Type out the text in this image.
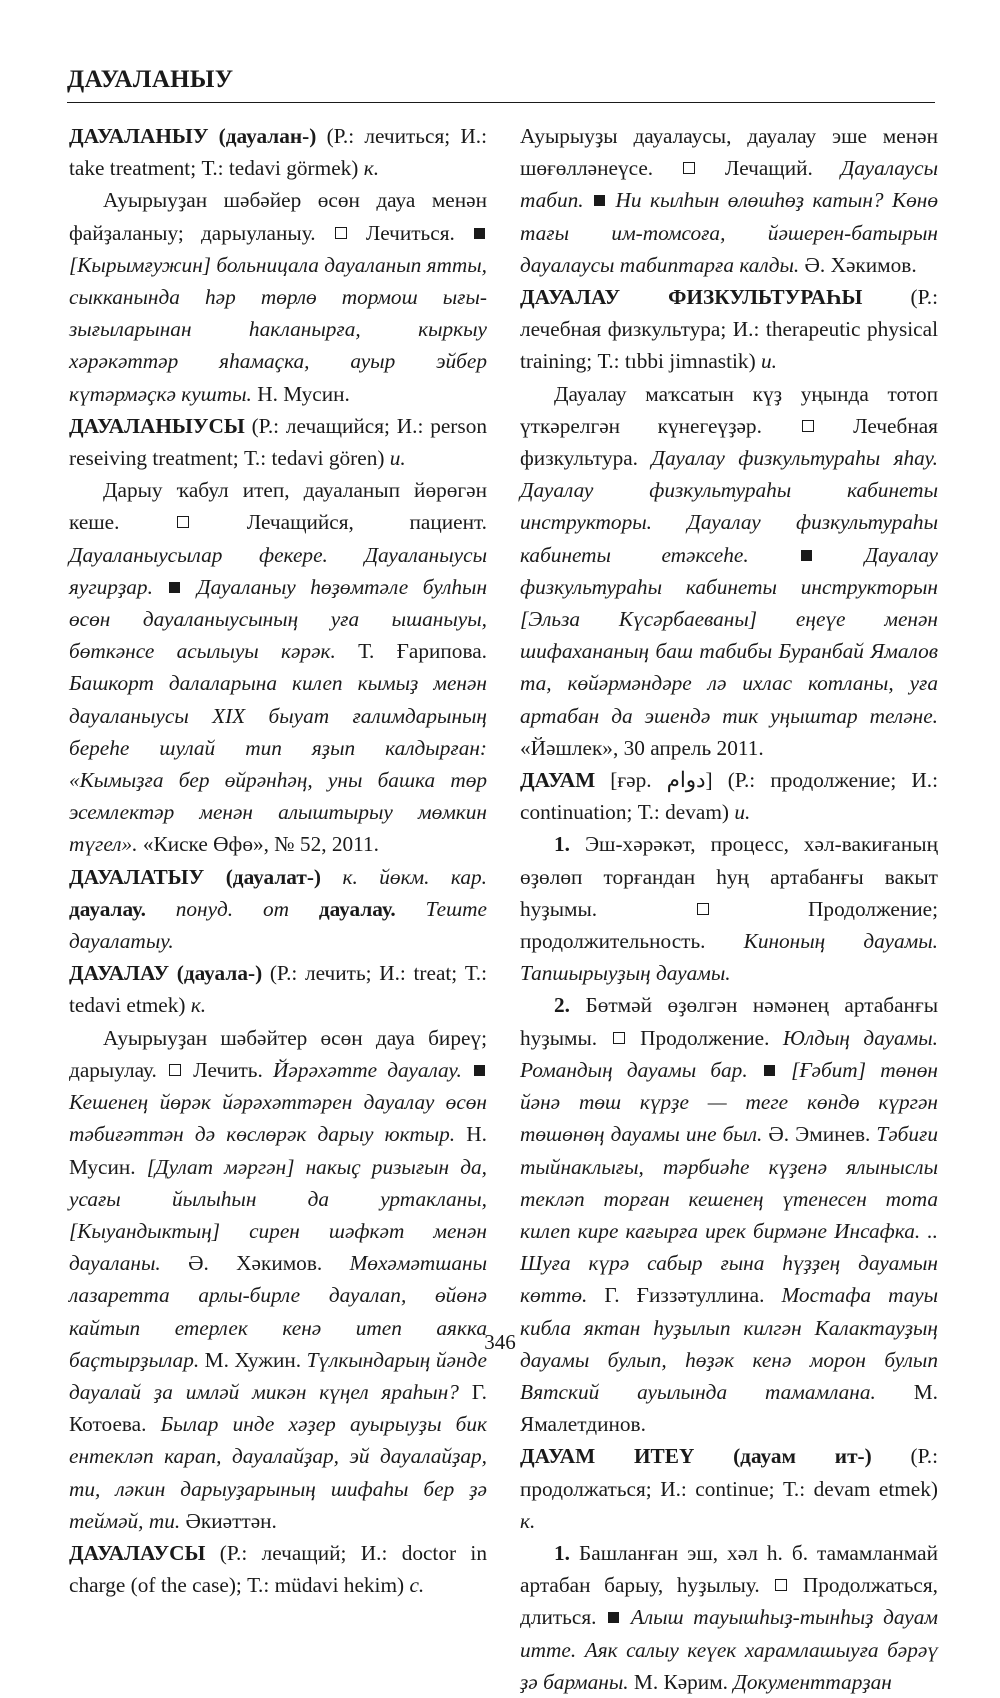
ДАУАЛАНЫУ

ДАУАЛАНЫУ (дауалан-) (Р.: лечиться; И.: take treatment; Т.: tedavi görmek) к.

Ауырыуҙан шәбәйер өсөн дауа менән файҙаланыу; дарыуланыу.  Лечиться.  [Кырымғужин] больницала дауаланып ятты, сыкканында һәр төрлө тормош ығы-зығыларынан һакланырға, кыркыу хәрәкәттәр яһамаҫка, ауыр эйбер күтәрмәҫкә кушты. Н. Мусин.

ДАУАЛАНЫУСЫ (Р.: лечащийся; И.: person reseiving treatment; Т.: tedavi gören) и.

Дарыу ҡабул итеп, дауаланып йөрөгән кеше.  Лечащийся, пациент. Дауаланыусылар фекере. Дауаланыусы яугирҙар. Дауаланыу һөҙөмтәле булһын өсөн дауаланыусының уға ышаныуы, бөткәнсе асылыуы кәрәк. Т. Ғарипова. Башкорт далаларына килеп кымыҙ менән дауаланыусы XIX быуат ғалимдарының береһе шулай тип яҙып калдырған: «Кымыҙға бер өйрәнһәң, уны башка төр эсемлектәр менән алыштырыу мөмкин түгел». «Киске Өфө», № 52, 2011.

ДАУАЛАТЫУ (дауалат-) к. йөкм. кар. дауалау. понуд. от дауалау. Теште дауалатыу.

ДАУАЛАУ (дауала-) (Р.: лечить; И.: treat; Т.: tedavi etmek) к.

Ауырыуҙан шәбәйтер өсөн дауа биреү; дарыулау.  Лечить. Йәрәхәтте дауалау.  Кешенең йөрәк йәрәхәттәрен дауалау өсөн тәбиғәттән дә көслөрәк дарыу юктыр. Н. Мусин. [Дулат мәргән] накыҫ ризығын да, усағы йылыһын да уртакланы, [Кыуандыктың] сирен шәфкәт менән дауаланы. Ә. Хәкимов. Мөхәмәтшаны лазаретта арлы-бирле дауалап, өйөнә кайтып етерлек кенә итеп аякка баҫтырҙылар. М. Хужин. Түлкындарың йәнде дауалай ҙа имләй микән күңел яраһын? Г. Котоева. Былар инде хәҙер ауырыуҙы бик ентекләп карап, дауалайҙар, эй дауалайҙар, ти, ләкин дарыуҙарының шифаһы бер ҙә теймәй, ти. Әкиәттән.

ДАУАЛАУСЫ (Р.: лечащий; И.: doctor in charge (of the case); Т.: müdavi hekim) с.

Ауырыуҙы дауалаусы, дауалау эше менән шөғөлләнеүсе.  Лечащий. Дауалаусы табип. Ни кылһын өлөшһөҙ катын? Көнө тағы им-томсоға, йәшерен-батырын дауалаусы табиптарға калды. Ә. Хәкимов.

ДАУАЛАУ ФИЗКУЛЬТУРАҺЫ (Р.: лечебная физкультура; И.: therapeutic physical training; Т.: tıbbi jimnastik) и.

Дауалау маҡсатын күҙ уңында тотоп үткәрелгән күнегеүҙәр.  Лечебная физкультура. Дауалау физкультураһы яһау. Дауалау физкультураһы кабинеты инструкторы. Дауалау физкультураһы кабинеты етәксеһе.	Дауалау физкультураһы кабинеты инструкторын [Эльза Күсәрбаеваны] еңеүе менән шифахананың баш табибы Буранбай Ямалов та, көйәрмәндәре лә ихлас котланы, уға артабан да эшендә тик уңыштар теләне. «Йәшлек», 30 апрель 2011.

ДАУАМ [ғәр. دوام] (Р.: продолжение; И.: continuation; Т.: devam) и.

1. Эш-хәрәкәт, процесс, хәл-вакиғаның өҙөлөп торғандан һуң артабанғы вакыт һуҙымы.  Продолжение; продолжительность. Киноның дауамы. Тапшырыуҙың дауамы.

2. Бөтмәй өҙөлгән нәмәнең артабанғы һуҙымы.  Продолжение. Юлдың дауамы. Романдың дауамы бар. [Ғәбит] төнөн йәнә төш күрҙе — теге көндө күргән төшөнөң дауамы ине был. Ә. Эминев. Тәбиғи тыйнаклығы, тәрбиәһе күҙенә ялыныслы текләп торған кешенең үтенесен тота килеп кире кағырға ирек бирмәне Инсафка. .. Шуға күрә сабыр ғына һүҙҙең дауамын көттө. Г. Ғиззәтуллина. Мостафа тауы кибла яктан һуҙылып килгән Калактауҙың дауамы булып, һөҙәк кенә морон булып Вятский ауылында тамамлана. М. Ямалетдинов.

ДАУАМ ИТЕҮ (дауам ит-) (Р.: продолжаться; И.: continue; Т.: devam etmek) к.

1. Башланған эш, хәл һ. б. тамамланмай артабан барыу, һуҙылыу.  Продолжаться, длиться.  Алыш тауышһыҙ-тынһыҙ дауам итте. Аяк салыу кеүек харамлашыуға бәрәү ҙә барманы. М. Кәрим. Документтарҙан

346
